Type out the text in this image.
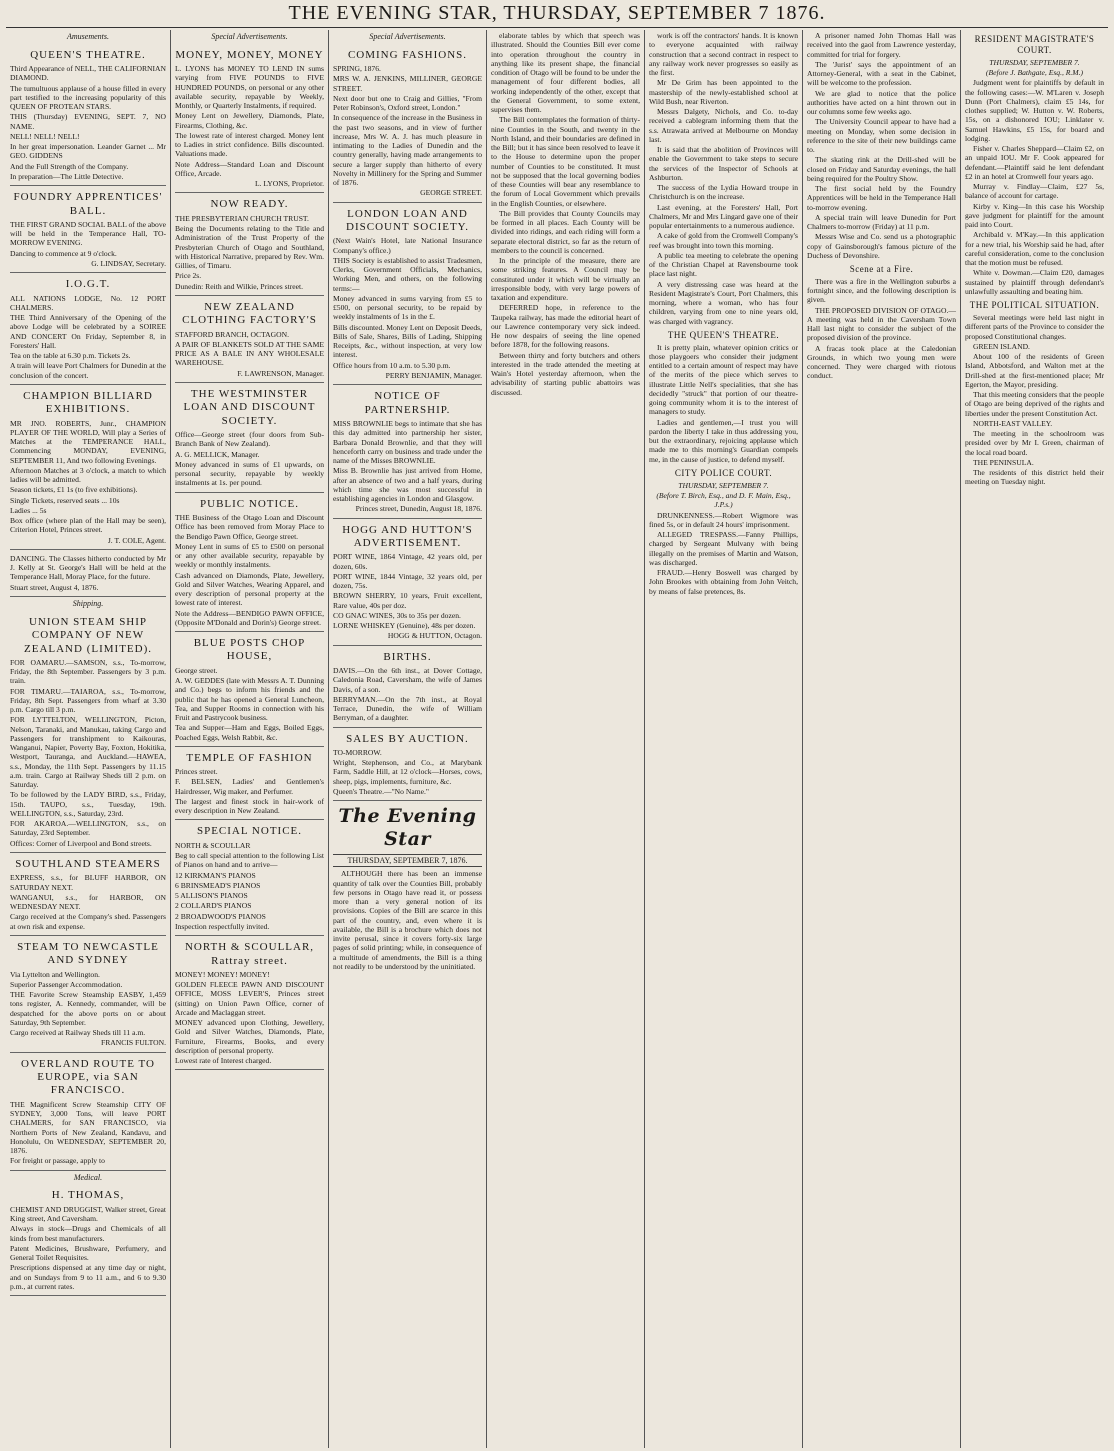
THE EVENING STAR, THURSDAY, SEPTEMBER 7 1876.
Amusements.
QUEEN'S THEATRE.

Third Appearance of NELL, THE CALIFORNIAN DIAMOND.

The tumultuous applause of a house filled in every part testified to the increasing popularity of this QUEEN OF PROTEAN STARS.

THIS (Thursday) EVENING, SEPT. 7, NO NAME.

NELL! NELL! NELL!

In her great impersonation. Leander Garnet ... Mr GEO. GIDDENS

And the Full Strength of the Company.

In preparation—The Little Detective.

FOUNDRY APPRENTICES' BALL.

THE FIRST GRAND SOCIAL BALL of the above will be held in the Temperance Hall, TO-MORROW EVENING.

Dancing to commence at 9 o'clock.

G. LINDSAY, Secretary.
I.O.G.T.

ALL NATIONS LODGE, No. 12 PORT CHALMERS.

THE Third Anniversary of the Opening of the above Lodge will be celebrated by a SOIREE AND CONCERT On Friday, September 8, in Foresters' Hall.

Tea on the table at 6.30 p.m. Tickets 2s.

A train will leave Port Chalmers for Dunedin at the conclusion of the concert.

CHAMPION BILLIARD EXHIBITIONS.

MR JNO. ROBERTS, Junr., CHAMPION PLAYER OF THE WORLD, Will play a Series of Matches at the TEMPERANCE HALL, Commencing MONDAY, EVENING, SEPTEMBER 11, And two following Evenings.

Afternoon Matches at 3 o'clock, a match to which ladies will be admitted.

Season tickets, £1 1s (to five exhibitions).

Single Tickets, reserved seats ... 10s

Ladies ... 5s

Box office (where plan of the Hall may be seen), Criterion Hotel, Princes street.

J. T. COLE, Agent.

DANCING. The Classes hitherto conducted by Mr J. Kelly at St. George's Hall will be held at the Temperance Hall, Moray Place, for the future.

Stuart street, August 4, 1876.

Shipping.
UNION STEAM SHIP COMPANY OF NEW ZEALAND (LIMITED).

FOR OAMARU.—SAMSON, s.s., To-morrow, Friday, the 8th September. Passengers by 3 p.m. train.

FOR TIMARU.—TAIAROA, s.s., To-morrow, Friday, 8th Sept. Passengers from wharf at 3.30 p.m. Cargo till 3 p.m.

FOR LYTTELTON, WELLINGTON, Picton, Nelson, Taranaki, and Manukau, taking Cargo and Passengers for transhipment to Kaikouras, Wanganui, Napier, Poverty Bay, Foxton, Hokitika, Westport, Tauranga, and Auckland.—HAWEA, s.s., Monday, the 11th Sept. Passengers by 11.15 a.m. train. Cargo at Railway Sheds till 2 p.m. on Saturday.

To be followed by the LADY BIRD, s.s., Friday, 15th. TAUPO, s.s., Tuesday, 19th. WELLINGTON, s.s., Saturday, 23rd.

FOR AKAROA.—WELLINGTON, s.s., on Saturday, 23rd September.

Offices: Corner of Liverpool and Bond streets.

SOUTHLAND STEAMERS

EXPRESS, s.s., for BLUFF HARBOR, ON SATURDAY NEXT.

WANGANUI, s.s., for HARBOR, ON WEDNESDAY NEXT.

Cargo received at the Company's shed. Passengers at own risk and expense.

STEAM TO NEWCASTLE AND SYDNEY

Via Lyttelton and Wellington.

Superior Passenger Accommodation.

THE Favorite Screw Steamship EASBY, 1,459 tons register, A. Kennedy, commander, will be despatched for the above ports on or about Saturday, 9th September.

Cargo received at Railway Sheds till 11 a.m.

FRANCIS FULTON.
OVERLAND ROUTE TO EUROPE, via SAN FRANCISCO.

THE Magnificent Screw Steamship CITY OF SYDNEY, 3,000 Tons, will leave PORT CHALMERS, for SAN FRANCISCO, via Northern Ports of New Zealand, Kandavu, and Honolulu, On WEDNESDAY, SEPTEMBER 20, 1876.

For freight or passage, apply to

Medical.
H. THOMAS,

CHEMIST AND DRUGGIST, Walker street, Great King street, And Caversham.

Always in stock—Drugs and Chemicals of all kinds from best manufacturers.

Patent Medicines, Brushware, Perfumery, and General Toilet Requisites.

Prescriptions dispensed at any time day or night, and on Sundays from 9 to 11 a.m., and 6 to 9.30 p.m., at current rates.

Special Advertisements.
MONEY, MONEY, MONEY

L. LYONS has MONEY TO LEND IN sums varying from FIVE POUNDS to FIVE HUNDRED POUNDS, on personal or any other available security, repayable by Weekly, Monthly, or Quarterly Instalments, if required.

Money Lent on Jewellery, Diamonds, Plate, Firearms, Clothing, &c.

The lowest rate of interest charged. Money lent to Ladies in strict confidence. Bills discounted. Valuations made.

Note Address—Standard Loan and Discount Office, Arcade.

L. LYONS, Proprietor.
NOW READY.

THE PRESBYTERIAN CHURCH TRUST.

Being the Documents relating to the Title and Administration of the Trust Property of the Presbyterian Church of Otago and Southland, with Historical Narrative, prepared by Rev. Wm. Gillies, of Timaru.

Price 2s.

Dunedin: Reith and Wilkie, Princes street.

NEW ZEALAND CLOTHING FACTORY'S

STAFFORD BRANCH, OCTAGON.

A PAIR OF BLANKETS SOLD AT THE SAME PRICE AS A BALE IN ANY WHOLESALE WAREHOUSE.

F. LAWRENSON, Manager.
THE WESTMINSTER LOAN AND DISCOUNT SOCIETY.

Office—George street (four doors from Sub-Branch Bank of New Zealand).

A. G. MELLICK, Manager.

Money advanced in sums of £1 upwards, on personal security, repayable by weekly instalments at 1s. per pound.

PUBLIC NOTICE.

THE Business of the Otago Loan and Discount Office has been removed from Moray Place to the Bendigo Pawn Office, George street.

Money Lent in sums of £5 to £500 on personal or any other available security, repayable by weekly or monthly instalments.

Cash advanced on Diamonds, Plate, Jewellery, Gold and Silver Watches, Wearing Apparel, and every description of personal property at the lowest rate of interest.

Note the Address—BENDIGO PAWN OFFICE, (Opposite M'Donald and Dorin's) George street.

BLUE POSTS CHOP HOUSE,

George street.

A. W. GEDDES (late with Messrs A. T. Dunning and Co.) begs to inform his friends and the public that he has opened a General Luncheon, Tea, and Supper Rooms in connection with his Fruit and Pastrycook business.

Tea and Supper—Ham and Eggs, Boiled Eggs, Poached Eggs, Welsh Rabbit, &c.

TEMPLE OF FASHION

Princes street.

F. BELSEN, Ladies' and Gentlemen's Hairdresser, Wig maker, and Perfumer.

The largest and finest stock in hair-work of every description in New Zealand.

SPECIAL NOTICE.

NORTH & SCOULLAR

Beg to call special attention to the following List of Pianos on hand and to arrive—

12 KIRKMAN'S PIANOS

6 BRINSMEAD'S PIANOS

5 ALLISON'S PIANOS

2 COLLARD'S PIANOS

2 BROADWOOD'S PIANOS

Inspection respectfully invited.

NORTH & SCOULLAR, Rattray street.

MONEY! MONEY! MONEY!

GOLDEN FLEECE PAWN AND DISCOUNT OFFICE, MOSS LEVER'S, Princes street (sitting) on Union Pawn Office, corner of Arcade and Maclaggan street.

MONEY advanced upon Clothing, Jewellery, Gold and Silver Watches, Diamonds, Plate, Furniture, Firearms, Books, and every description of personal property.

Lowest rate of Interest charged.

Special Advertisements.
COMING FASHIONS.

SPRING, 1876.

MRS W. A. JENKINS, MILLINER, GEORGE STREET.

Next door but one to Craig and Gillies, "From Peter Robinson's, Oxford street, London."

In consequence of the increase in the Business in the past two seasons, and in view of further increase, Mrs W. A. J. has much pleasure in intimating to the Ladies of Dunedin and the country generally, having made arrangements to secure a larger supply than hitherto of every Novelty in Millinery for the Spring and Summer of 1876.

GEORGE STREET.
LONDON LOAN AND DISCOUNT SOCIETY.

(Next Wain's Hotel, late National Insurance Company's office.)

THIS Society is established to assist Tradesmen, Clerks, Government Officials, Mechanics, Working Men, and others, on the following terms:—

Money advanced in sums varying from £5 to £500, on personal security, to be repaid by weekly instalments of 1s in the £.

Bills discounted. Money Lent on Deposit Deeds, Bills of Sale, Shares, Bills of Lading, Shipping Receipts, &c., without inspection, at very low interest.

Office hours from 10 a.m. to 5.30 p.m.

PERRY BENJAMIN, Manager.
NOTICE OF PARTNERSHIP.

MISS BROWNLIE begs to intimate that she has this day admitted into partnership her sister, Barbara Donald Brownlie, and that they will henceforth carry on business and trade under the name of the Misses BROWNLIE.

Miss B. Brownlie has just arrived from Home, after an absence of two and a half years, during which time she was most successful in establishing agencies in London and Glasgow.

Princes street, Dunedin, August 18, 1876.
HOGG AND HUTTON'S ADVERTISEMENT.

PORT WINE, 1864 Vintage, 42 years old, per dozen, 60s.

PORT WINE, 1844 Vintage, 32 years old, per dozen, 75s.

BROWN SHERRY, 10 years, Fruit excellent, Rare value, 40s per doz.

CO GNAC WINES, 30s to 35s per dozen.

LORNE WHISKEY (Genuine), 48s per dozen.

HOGG & HUTTON, Octagon.
BIRTHS.

DAVIS.—On the 6th inst., at Dover Cottage, Caledonia Road, Caversham, the wife of James Davis, of a son.

BERRYMAN.—On the 7th inst., at Royal Terrace, Dunedin, the wife of William Berryman, of a daughter.

SALES BY AUCTION.

TO-MORROW.

Wright, Stephenson, and Co., at Marybank Farm, Saddle Hill, at 12 o'clock—Horses, cows, sheep, pigs, implements, furniture, &c.

Queen's Theatre.—"No Name."

The Evening Star
THURSDAY, SEPTEMBER 7, 1876.

ALTHOUGH there has been an immense quantity of talk over the Counties Bill, probably few persons in Otago have read it, or possess more than a very general notion of its provisions. Copies of the Bill are scarce in this part of the country, and, even where it is available, the Bill is a brochure which does not invite perusal, since it covers forty-six large pages of solid printing; while, in consequence of a multitude of amendments, the Bill is a thing not readily to be understood by the uninitiated.

elaborate tables by which that speech was illustrated. Should the Counties Bill ever come into operation throughout the country in anything like its present shape, the financial condition of Otago will be found to be under the management of four different bodies, all working independently of the other, except that the General Government, to some extent, supervises them.

The Bill contemplates the formation of thirty-nine Counties in the South, and twenty in the North Island, and their boundaries are defined in the Bill; but it has since been resolved to leave it to the House to determine upon the proper number of Counties to be constituted. It must not be supposed that the local governing bodies of these Counties will bear any resemblance to the forum of Local Government which prevails in the English Counties, or elsewhere.

The Bill provides that County Councils may be formed in all places. Each County will be divided into ridings, and each riding will form a separate electoral district, so far as the return of members to the council is concerned.

In the principle of the measure, there are some striking features. A Council may be constituted under it which will be virtually an irresponsible body, with very large powers of taxation and expenditure.

DEFERRED hope, in reference to the Taupeka railway, has made the editorial heart of our Lawrence contemporary very sick indeed. He now despairs of seeing the line opened before 1878, for the following reasons.

Between thirty and forty butchers and others interested in the trade attended the meeting at Wain's Hotel yesterday afternoon, when the advisability of starting public abattoirs was discussed.

work is off the contractors' hands. It is known to everyone acquainted with railway construction that a second contract in respect to any railway work never progresses so easily as the first.

Mr De Grim has been appointed to the mastership of the newly-established school at Wild Bush, near Riverton.

Messrs Dalgety, Nichols, and Co. to-day received a cablegram informing them that the s.s. Atrawata arrived at Melbourne on Monday last.

It is said that the abolition of Provinces will enable the Government to take steps to secure the services of the Inspector of Schools at Ashburton.

The success of the Lydia Howard troupe in Christchurch is on the increase.

Last evening, at the Foresters' Hall, Port Chalmers, Mr and Mrs Lingard gave one of their popular entertainments to a numerous audience.

A cake of gold from the Cromwell Company's reef was brought into town this morning.

A public tea meeting to celebrate the opening of the Christian Chapel at Ravensbourne took place last night.

A very distressing case was heard at the Resident Magistrate's Court, Port Chalmers, this morning, where a woman, who has four children, varying from one to nine years old, was charged with vagrancy.

THE QUEEN'S THEATRE.

It is pretty plain, whatever opinion critics or those playgoers who consider their judgment entitled to a certain amount of respect may have of the merits of the piece which serves to illustrate Little Nell's specialities, that she has decidedly "struck" that portion of our theatre-going community whom it is to the interest of managers to study.

Ladies and gentlemen,—I trust you will pardon the liberty I take in thus addressing you, but the extraordinary, rejoicing applause which made me to this morning's Guardian compels me, in the cause of justice, to defend myself.

CITY POLICE COURT.
THURSDAY, SEPTEMBER 7.
(Before T. Birch, Esq., and D. F. Main, Esq., J.P.s.)

DRUNKENNESS.—Robert Wigmore was fined 5s, or in default 24 hours' imprisonment.

ALLEGED TRESPASS.—Fanny Phillips, charged by Sergeant Mulvany with being illegally on the premises of Martin and Watson, was discharged.

FRAUD.—Henry Boswell was charged by John Brookes with obtaining from John Veitch, by means of false pretences, 8s.

A prisoner named John Thomas Hall was received into the gaol from Lawrence yesterday, committed for trial for forgery.

The 'Jurist' says the appointment of an Attorney-General, with a seat in the Cabinet, will be welcome to the profession.

We are glad to notice that the police authorities have acted on a hint thrown out in our columns some few weeks ago.

The University Council appear to have had a meeting on Monday, when some decision in reference to the site of their new buildings came to.

The skating rink at the Drill-shed will be closed on Friday and Saturday evenings, the hall being required for the Poultry Show.

The first social held by the Foundry Apprentices will be held in the Temperance Hall to-morrow evening.

A special train will leave Dunedin for Port Chalmers to-morrow (Friday) at 11 p.m.

Messrs Wise and Co. send us a photographic copy of Gainsborough's famous picture of the Duchess of Devonshire.

Scene at a Fire.

There was a fire in the Wellington suburbs a fortnight since, and the following description is given.

THE PROPOSED DIVISION OF OTAGO.—A meeting was held in the Caversham Town Hall last night to consider the subject of the proposed division of the province.

A fracas took place at the Caledonian Grounds, in which two young men were concerned. They were charged with riotous conduct.

RESIDENT MAGISTRATE'S COURT.
THURSDAY, SEPTEMBER 7.
(Before J. Bathgate, Esq., R.M.)

Judgment went for plaintiffs by default in the following cases:—W. M'Laren v. Joseph Dunn (Port Chalmers), claim £5 14s, for clothes supplied; W. Hutton v. W. Roberts, 15s, on a dishonored IOU; Linklater v. Samuel Hawkins, £5 15s, for board and lodging.

Fisher v. Charles Sheppard—Claim £2, on an unpaid IOU. Mr F. Cook appeared for defendant.—Plaintiff said he lent defendant £2 in an hotel at Cromwell four years ago.

Murray v. Findlay—Claim, £27 5s, balance of account for cartage.

Kirby v. King—In this case his Worship gave judgment for plaintiff for the amount paid into Court.

Archibald v. M'Kay.—In this application for a new trial, his Worship said he had, after careful consideration, come to the conclusion that the motion must be refused.

White v. Dowman.—Claim £20, damages sustained by plaintiff through defendant's unlawfully assaulting and beating him.

THE POLITICAL SITUATION.

Several meetings were held last night in different parts of the Province to consider the proposed Constitutional changes.

GREEN ISLAND.

About 100 of the residents of Green Island, Abbotsford, and Walton met at the Drill-shed at the first-mentioned place; Mr Egerton, the Mayor, presiding.

That this meeting considers that the people of Otago are being deprived of the rights and liberties under the present Constitution Act.

NORTH-EAST VALLEY.

The meeting in the schoolroom was presided over by Mr I. Green, chairman of the local road board.

THE PENINSULA.

The residents of this district held their meeting on Tuesday night.
